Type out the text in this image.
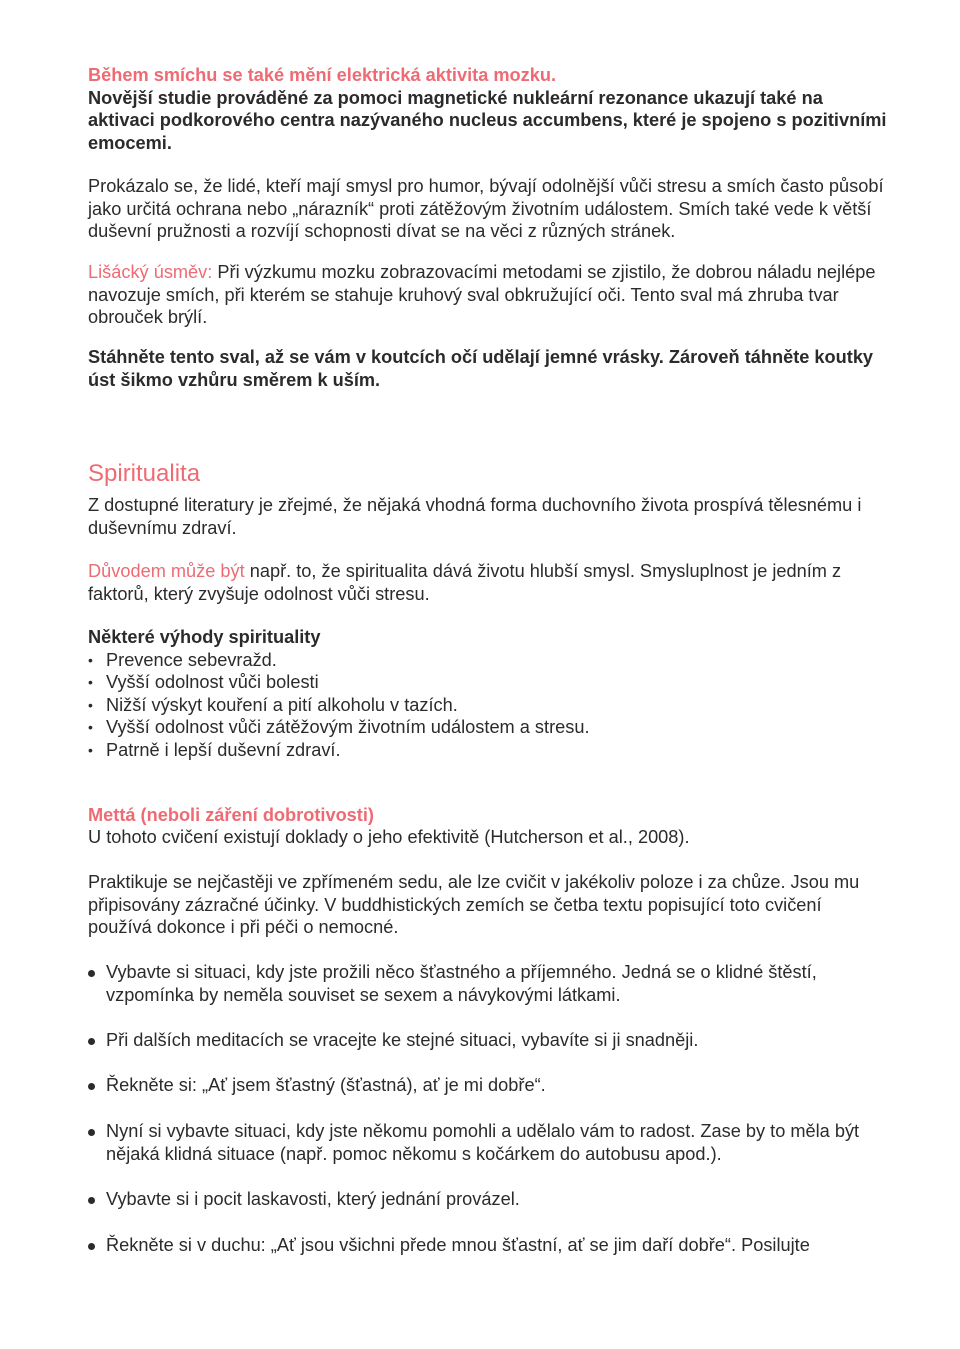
Během smíchu se také mění elektrická aktivita mozku.
Novější studie prováděné za pomoci magnetické nukleární rezonance ukazují také na aktivaci podkorového centra nazývaného nucleus accumbens, které je spojeno s pozitivními emocemi.

Prokázalo se, že lidé, kteří mají smysl pro humor, bývají odolnější vůči stresu a smích často působí jako určitá ochrana nebo „nárazník“ proti zátěžovým životním událostem. Smích také vede k větší duševní pružnosti a rozvíjí schopnosti dívat se na věci z různých stránek.

Lišácký úsměv: Při výzkumu mozku zobrazovacími metodami se zjistilo, že dobrou náladu nejlépe navozuje smích, při kterém se stahuje kruhový sval obkružující oči. Tento sval má zhruba tvar obrouček brýlí.

Stáhněte tento sval, až se vám v koutcích očí udělají jemné vrásky. Zároveň táhněte koutky úst šikmo vzhůru směrem k uším.

Spiritualita

Z dostupné literatury je zřejmé, že nějaká vhodná forma duchovního života prospívá tělesnému i duševnímu zdraví.

Důvodem může být např. to, že spiritualita dává životu hlubší smysl. Smysluplnost je jedním z faktorů, který zvyšuje odolnost vůči stresu.

Některé výhody spirituality
• Prevence sebevražd.
• Vyšší odolnost vůči bolesti
• Nižší výskyt kouření a pití alkoholu v tazích.
• Vyšší odolnost vůči zátěžovým životním událostem a stresu.
• Patrně i lepší duševní zdraví.

Mettá (neboli záření dobrotivosti)

U tohoto cvičení existují doklady o jeho efektivitě (Hutcherson et al., 2008).

Praktikuje se nejčastěji ve zpřímeném sedu, ale lze cvičit v jakékoliv poloze i za chůze. Jsou mu připisovány zázračné účinky. V buddhistických zemích se četba textu popisující toto cvičení používá dokonce i při péči o nemocné.

Vybavte si situaci, kdy jste prožili něco šťastného a příjemného. Jedná se o klidné štěstí, vzpomínka by neměla souviset se sexem a návykovými látkami.
Při dalších meditacích se vracejte ke stejné situaci, vybavíte si ji snadněji.
Řekněte si: „Ať jsem šťastný (šťastná), ať je mi dobře“.
Nyní si vybavte situaci, kdy jste někomu pomohli a udělalo vám to radost. Zase by to měla být nějaká klidná situace (např. pomoc někomu s kočárkem do autobusu apod.).
Vybavte si i pocit laskavosti, který jednání provázel.
Řekněte si v duchu: „Ať jsou všichni přede mnou šťastní, ať se jim daří dobře“. Posilujte
